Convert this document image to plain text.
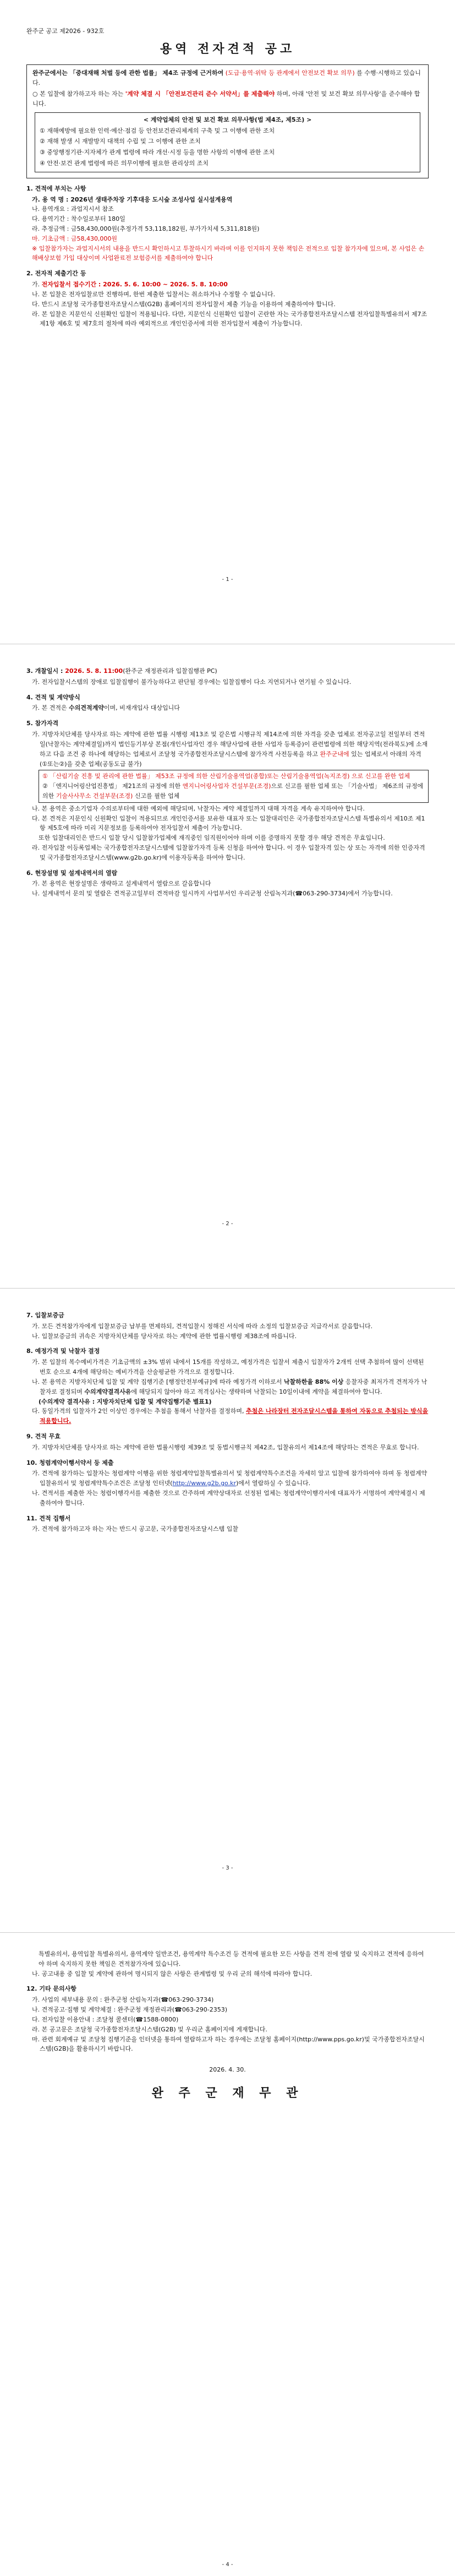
완주군 공고 제2026 - 932호
용역 전자견적 공고

완주군에서는 「중대재해 처벌 등에 관한 법률」 제4조 규정에 근거하여 (도급·용역·위탁 등 관계에서 안전보건 확보 의무) 를 수행·시행하고 있습니다.

○ 본 입찰에 참가하고자 하는 자는 '계약 체결 시 「안전보건관리 준수 서약서」를 제출해야 하며, 아래 '안전 및 보건 확보 의무사항'을 준수해야 합니다.

< 계약업체의 안전 및 보건 확보 의무사항(법 제4조, 제5조) >

① 재해예방에 필요한 인력·예산·점검 등 안전보건관리체계의 구축 및 그 이행에 관한 조치

② 재해 발생 시 재발방지 대책의 수립 및 그 이행에 관한 조치

③ 중앙행정기관·지자체가 관계 법령에 따라 개선·시정 등을 명한 사항의 이행에 관한 조치

④ 안전·보건 관계 법령에 따른 의무이행에 필요한 관리상의 조치

1. 견적에 부치는 사항

가. 용 역 명 : 2026년 생태주차장 기후대응 도시숲 조성사업 실시설계용역

나. 용역개요 : 과업지시서 참조

다. 용역기간 : 착수일로부터 180일

라. 추정금액 : 금58,430,000원(추정가격 53,118,182원, 부가가치세 5,311,818원)

마. 기초금액 : 금58,430,000원

※ 입찰참가자는 과업지시서의 내용을 반드시 확인하시고 투찰하시기 바라며 이를 인지하지 못한 책임은 전적으로 입찰 참가자에 있으며, 본 사업은 손해배상보험 가입 대상이며 사업완료전 보험증서를 제출하여야 합니다

2. 전자적 제출기간 등

가. 전자입찰서 접수기간 : 2026. 5. 6. 10:00 ~ 2026. 5. 8. 10:00

나. 본 입찰은 전자입찰로만 진행하며, 한번 제출한 입찰서는 취소하거나 수정할 수 없습니다.

다. 반드시 조달청 국가종합전자조달시스템(G2B) 홈페이지의 전자입찰서 제출 기능을 이용하여 제출하여야 합니다.

라. 본 입찰은 지문인식 신원확인 입찰이 적용됩니다. 다만, 지문인식 신원확인 입찰이 곤란한 자는 국가종합전자조달시스템 전자입찰특별유의서 제7조 제1항 제6호 및 제7호의 절차에 따라 예외적으로 개인인증서에 의한 전자입찰서 제출이 가능합니다.

- 1 -
3. 개찰일시 : 2026. 5. 8. 11:00(완주군 재정관리과 입찰집행관 PC)

가. 전자입찰시스템의 장애로 입찰집행이 불가능하다고 판단될 경우에는 입찰집행이 다소 지연되거나 연기될 수 있습니다.

4. 견적 및 계약방식

가. 본 견적은 수의견적계약이며, 비재개입사 대상입니다

5. 참가자격

가. 지방자치단체를 당사자로 하는 계약에 관한 법률 시행령 제13조 및 같은법 시행규칙 제14조에 의한 자격을 갖춘 업체로 전자공고일 전일부터 견적일(낙찰자는 계약체결일)까지 법인등기부상 본점(개인사업자인 경우 해당사업에 관한 사업자 등록증)이 관련법령에 의한 해당지역(전라북도)에 소재하고 다음 조건 중 하나에 해당하는 업체로서 조달청 국가종합전자조달시스템에 참가자격 사전등록을 하고 완주군내에 있는 업체로서 아래의 자격(①또는②)을 갖춘 업체(공동도급 불가)

① 「산림기술 진흥 및 관리에 관한 법률」 제53조 규정에 의한 산림기술용역업(종합)또는 산림기술용역업(녹지조경) 으로 신고를 완한 업체

② 「엔지니어링산업진흥법」 제21조의 규정에 의한 엔지니어링사업자 건설부문(조경)으로 신고를 필한 업체 또는 「기술사법」 제6조의 규정에 의한 기술사사무소 건설부문(조경) 신고를 필한 업체

나. 본 용역은 중소기업자 수의로부터에 대한 예외에 해당되며, 낙찰자는 계약 체결일까지 대해 자격을 계속 유지하여야 합니다.

다. 본 견적은 지문인식 신원확인 입찰이 적용되므로 개인인증서를 보유한 대표자 또는 입찰대리인은 국가종합전자조달시스템 특별유의서 제10조 제1항 제5호에 따라 미리 지문정보를 등록하여야 전자입찰서 제출이 가능합니다.

또한 입찰대리인은 반드시 입찰 당시 입찰참가업체에 재직중인 임직원이어야 하며 이를 증명하지 못할 경우 해당 견적은 무효입니다.

라. 전자입찰 이등록업체는 국가종합전자조달시스템에 입찰참가자격 등록 신청을 하여야 합니다. 이 경우 입찰자격 있는 상 또는 자격에 의한 인증자격 및 국가종합전자조달시스템(www.g2b.go.kr)에 이용자등록을 하여야 합니다.

6. 현장설명 및 설계내역서의 열람

가. 본 용역은 현장설명은 생략하고 설계내역서 열람으로 갈음합니다

나. 설계내역서 문의 및 열람은 견적공고일부터 견적마감 일시까지 사업부서인 우리군청 산림녹지과(☎063-290-3734)에서 가능합니다.

- 2 -
7. 입찰보증금

가. 모든 견적참가자에게 입찰보증금 납부를 면제하되, 견적입찰시 정해진 서식에 따라 소정의 입찰보증금 지급각서로 갈음합니다.

나. 입찰보증금의 귀속은 지방자치단체를 당사자로 하는 계약에 관한 법률시행령 제38조에 따릅니다.

8. 예정가격 및 낙찰자 결정

가. 본 입찰의 복수예비가격은 기초금액의 ±3% 범위 내에서 15개를 작성하고, 예정가격은 입찰서 제출시 입찰자가 2개씩 선택 추첨하여 많이 선택된 번호 순으로 4개에 해당하는 예비가격을 산술평균한 가격으로 결정합니다.

나. 본 용역은 지방자치단체 입찰 및 계약 집행기준 [행정안전부예규]에 따라 예정가격 이하로서 낙찰하한율 88% 이상 응찰자중 최저가격 견적자가 낙찰자로 결정되며 수의계약결격사유에 해당되지 않아야 하고 적격심사는 생략하며 낙찰되는 10일이내에 계약을 체결하여야 합니다.

(수의계약 결격사유 : 지방자치단체 입찰 및 계약집행기준 별표1)

다. 동일가격의 입찰자가 2인 이상인 경우에는 추첨을 통해서 낙찰자를 결정하며, 추첨은 나라장터 전자조달시스템을 통하여 자동으로 추첨되는 방식을 적용합니다.

9. 견적 무효

가. 지방자치단체를 당사자로 하는 계약에 관한 법률시행령 제39조 및 동법시행규칙 제42조, 입찰유의서 제14조에 해당하는 견적은 무효로 합니다.

10. 청렴계약이행서약서 등 제출

가. 견적에 참가하는 입찰자는 청렴계약 이행을 위한 청렴계약입찰특별유의서 및 청렴계약특수조건을 자세히 알고 입찰에 참가하여야 하며 동 청렴계약입찰유의서 및 청렴계약특수조건은 조달청 인터넷(http://www.g2b.go.kr)에서 열람하실 수 있습니다.

나. 견적서를 제출한 자는 청렴이행각서를 제출한 것으로 간주하며 계약상대자로 선정된 업체는 청렴계약이행각서에 대표자가 서명하여 계약체결시 제출하여야 합니다.

11. 견적 집행서

가. 견적에 참가하고자 하는 자는 반드시 공고문, 국가종합전자조달시스템 입찰

- 3 -

특별유의서, 용역입찰 특별유의서, 용역계약 일반조건, 용역계약 특수조건 등 견적에 필요한 모든 사항을 견적 전에 열람 및 숙지하고 견적에 응하여야 하며 숙지하지 못한 책임은 견적참가자에 있습니다.

나. 공고내용 중 입찰 및 계약에 관하여 명시되지 않은 사항은 관계법령 및 우리 군의 해석에 따라야 합니다.

12. 기타 문의사항

가. 사업의 세부내용 문의 : 완주군청 산림녹지과(☎063-290-3734)

나. 견적공고·집행 및 계약체결 : 완주군청 재정관리과(☎063-290-2353)

다. 전자입찰 이용안내 : 조달청 콜센터(☎1588-0800)

라. 본 공고문은 조달청 국가종합전자조달시스템(G2B) 및 우리군 홈페이지에 게재합니다.

마. 관련 회계예규 및 조달청 집행기준을 인터넷을 통하여 열람하고자 하는 경우에는 조달청 홈페이지(http://www.pps.go.kr)및 국가종합전자조달시스템(G2B)을 활용하시기 바랍니다.

2026. 4. 30.
완 주 군 재 무 관
- 4 -
